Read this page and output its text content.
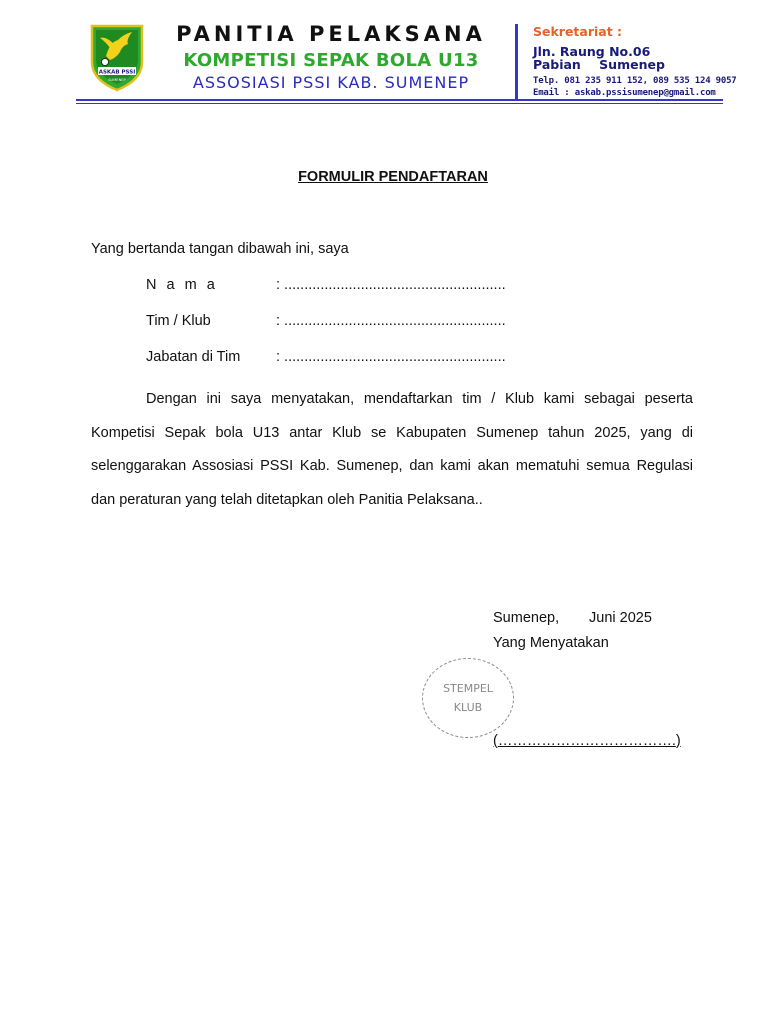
ASKAB PSSI
SUMENEP
PANITIA PELAKSANA
KOMPETISI SEPAK BOLA U13
ASSOSIASI PSSI KAB. SUMENEP
Sekretariat :
Jln. Raung No.06
Pabian Sumenep
Telp. 081 235 911 152, 089 535 124 9057
Email : askab.pssisumenep@gmail.com
FORMULIR PENDAFTARAN
Yang bertanda tangan dibawah ini, saya
N a m a	: .......................................................
Tim / Klub	: .......................................................
Jabatan di Tim : .......................................................
Dengan ini saya menyatakan, mendaftarkan tim / Klub kami sebagai peserta Kompetisi Sepak bola U13 antar Klub se Kabupaten Sumenep tahun 2025, yang di selenggarakan Assosiasi PSSI Kab. Sumenep, dan kami akan mematuhi semua Regulasi dan peraturan yang telah ditetapkan oleh Panitia Pelaksana..
Sumenep, Juni 2025
Yang Menyatakan
STEMPEL
KLUB
(……………………………….)
